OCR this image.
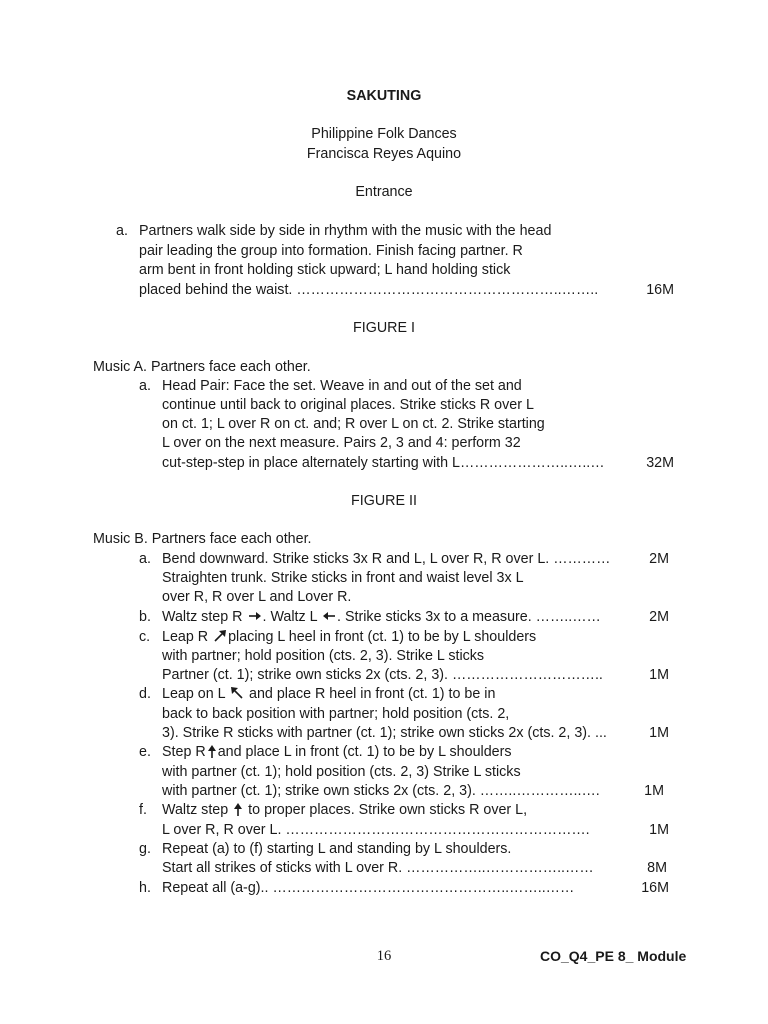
SAKUTING
Philippine Folk Dances
Francisca Reyes Aquino
Entrance
a. Partners walk side by side in rhythm with the music with the head
pair leading the group into formation. Finish facing partner. R
arm bent in front holding stick upward; L hand holding stick
placed behind the waist. ………………………………………………..……..	16M
FIGURE I
Music A. Partners face each other.
a. Head Pair: Face the set. Weave in and out of the set and
continue until back to original places. Strike sticks R over L
on ct. 1; L over R on ct. and; R over L on ct. 2. Strike starting
L over on the next measure. Pairs 2, 3 and 4: perform 32
cut-step-step in place alternately starting with L…………………..…..…	32M
FIGURE II
Music B. Partners face each other.
a. Bend downward. Strike sticks 3x R and L, L over R, R over L. …………	2M
Straighten trunk. Strike sticks in front and waist level 3x L
over R, R over L and Lover R.
b. Waltz step R . Waltz L . Strike sticks 3x to a measure. ……..……	2M
c. Leap R placing L heel in front (ct. 1) to be by L shoulders
with partner; hold position (cts. 2, 3). Strike L sticks
Partner (ct. 1); strike own sticks 2x (cts. 2, 3). …………………………..	1M
d. Leap on L
and place R heel in front (ct. 1) to be in
back to back position with partner; hold position (cts. 2,
3). Strike R sticks with partner (ct. 1); strike own sticks 2x (cts. 2, 3). ...	1M
e. Step R and place L in front (ct. 1) to be by L shoulders
with partner (ct. 1); hold position (cts. 2, 3) Strike L sticks
with partner (ct. 1); strike own sticks 2x (cts. 2, 3). ……..…………..….	1M
f. Waltz step
to proper places. Strike own sticks R over L,
L over R, R over L. ……………………………………………………….	1M
g. Repeat (a) to (f) starting L and standing by L shoulders.
Start all strikes of sticks with L over R. ……………..……………..……	8M
h. Repeat all (a-g).. …………………………………………..……..……	16M
16	CO_Q4_PE 8_ Module
